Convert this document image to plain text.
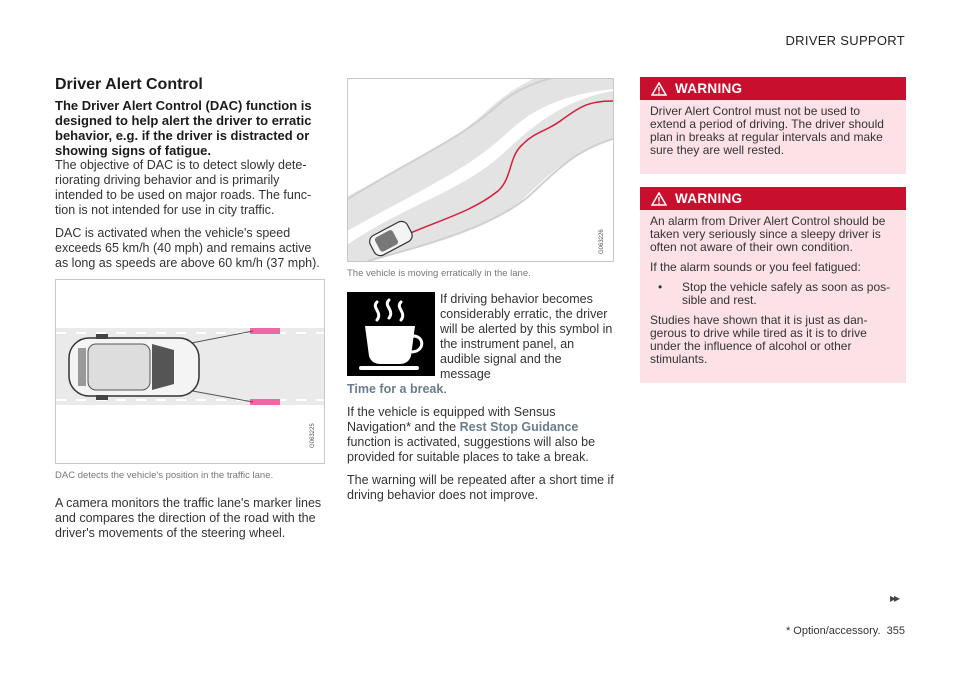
DRIVER SUPPORT
Driver Alert Control
The Driver Alert Control (DAC) function is designed to help alert the driver to erratic behavior, e.g. if the driver is distracted or showing signs of fatigue.

The objective of DAC is to detect slowly dete-riorating driving behavior and is primarily intended to be used on major roads. The func-tion is not intended for use in city traffic.

DAC is activated when the vehicle's speed exceeds 65 km/h (40 mph) and remains active as long as speeds are above 60 km/h (37 mph).

G063225
DAC detects the vehicle's position in the traffic lane.

A camera monitors the traffic lane's marker lines and compares the direction of the road with the driver's movements of the steering wheel.

G063226
The vehicle is moving erratically in the lane.

If driving behavior becomes considerably erratic, the driver will be alerted by this symbol in the instrument panel, an audible signal and the message

Time for a break.

If the vehicle is equipped with Sensus Navigation* and the Rest Stop Guidance function is activated, suggestions will also be provided for suitable places to take a break.

The warning will be repeated after a short time if driving behavior does not improve.

WARNING

Driver Alert Control must not be used to extend a period of driving. The driver should plan in breaks at regular intervals and make sure they are well rested.

WARNING

An alarm from Driver Alert Control should be taken very seriously since a sleepy driver is often not aware of their own condition.

If the alarm sounds or you feel fatigued:

•	Stop the vehicle safely as soon as pos-sible and rest.

Studies have shown that it is just as dan-gerous to drive while tired as it is to drive under the influence of alcohol or other stimulants.

▸▸
* Option/accessory. 355
